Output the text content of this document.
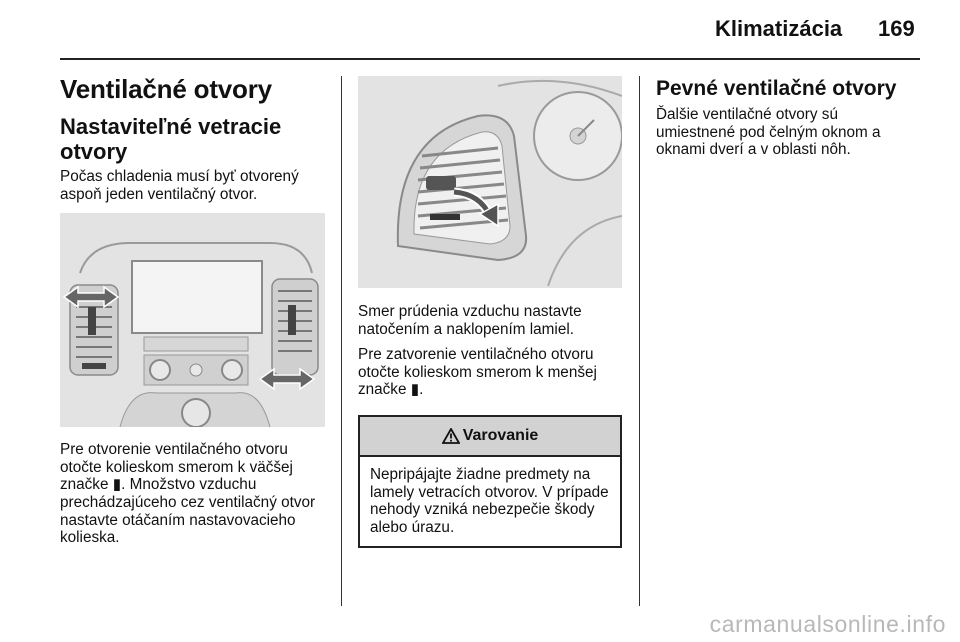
Klimatizácia 169
Ventilačné otvory
Nastaviteľné vetracie otvory

Počas chladenia musí byť otvorený aspoň jeden ventilačný otvor.

Pre otvorenie ventilačného otvoru otočte kolieskom smerom k väčšej značke ▮. Množstvo vzduchu prechádzajúceho cez ventilačný otvor nastavte otáčaním nastavovacieho kolieska.

Smer prúdenia vzduchu nastavte natočením a naklopením lamiel.

Pre zatvorenie ventilačného otvoru otočte kolieskom smerom k menšej značke ▮.

Varovanie

Nepripájajte žiadne predmety na lamely vetracích otvorov. V prípade nehody vzniká nebezpečie škody alebo úrazu.

Pevné ventilačné otvory

Ďalšie ventilačné otvory sú umiestnené pod čelným oknom a oknami dverí a v oblasti nôh.

carmanualsonline.info
